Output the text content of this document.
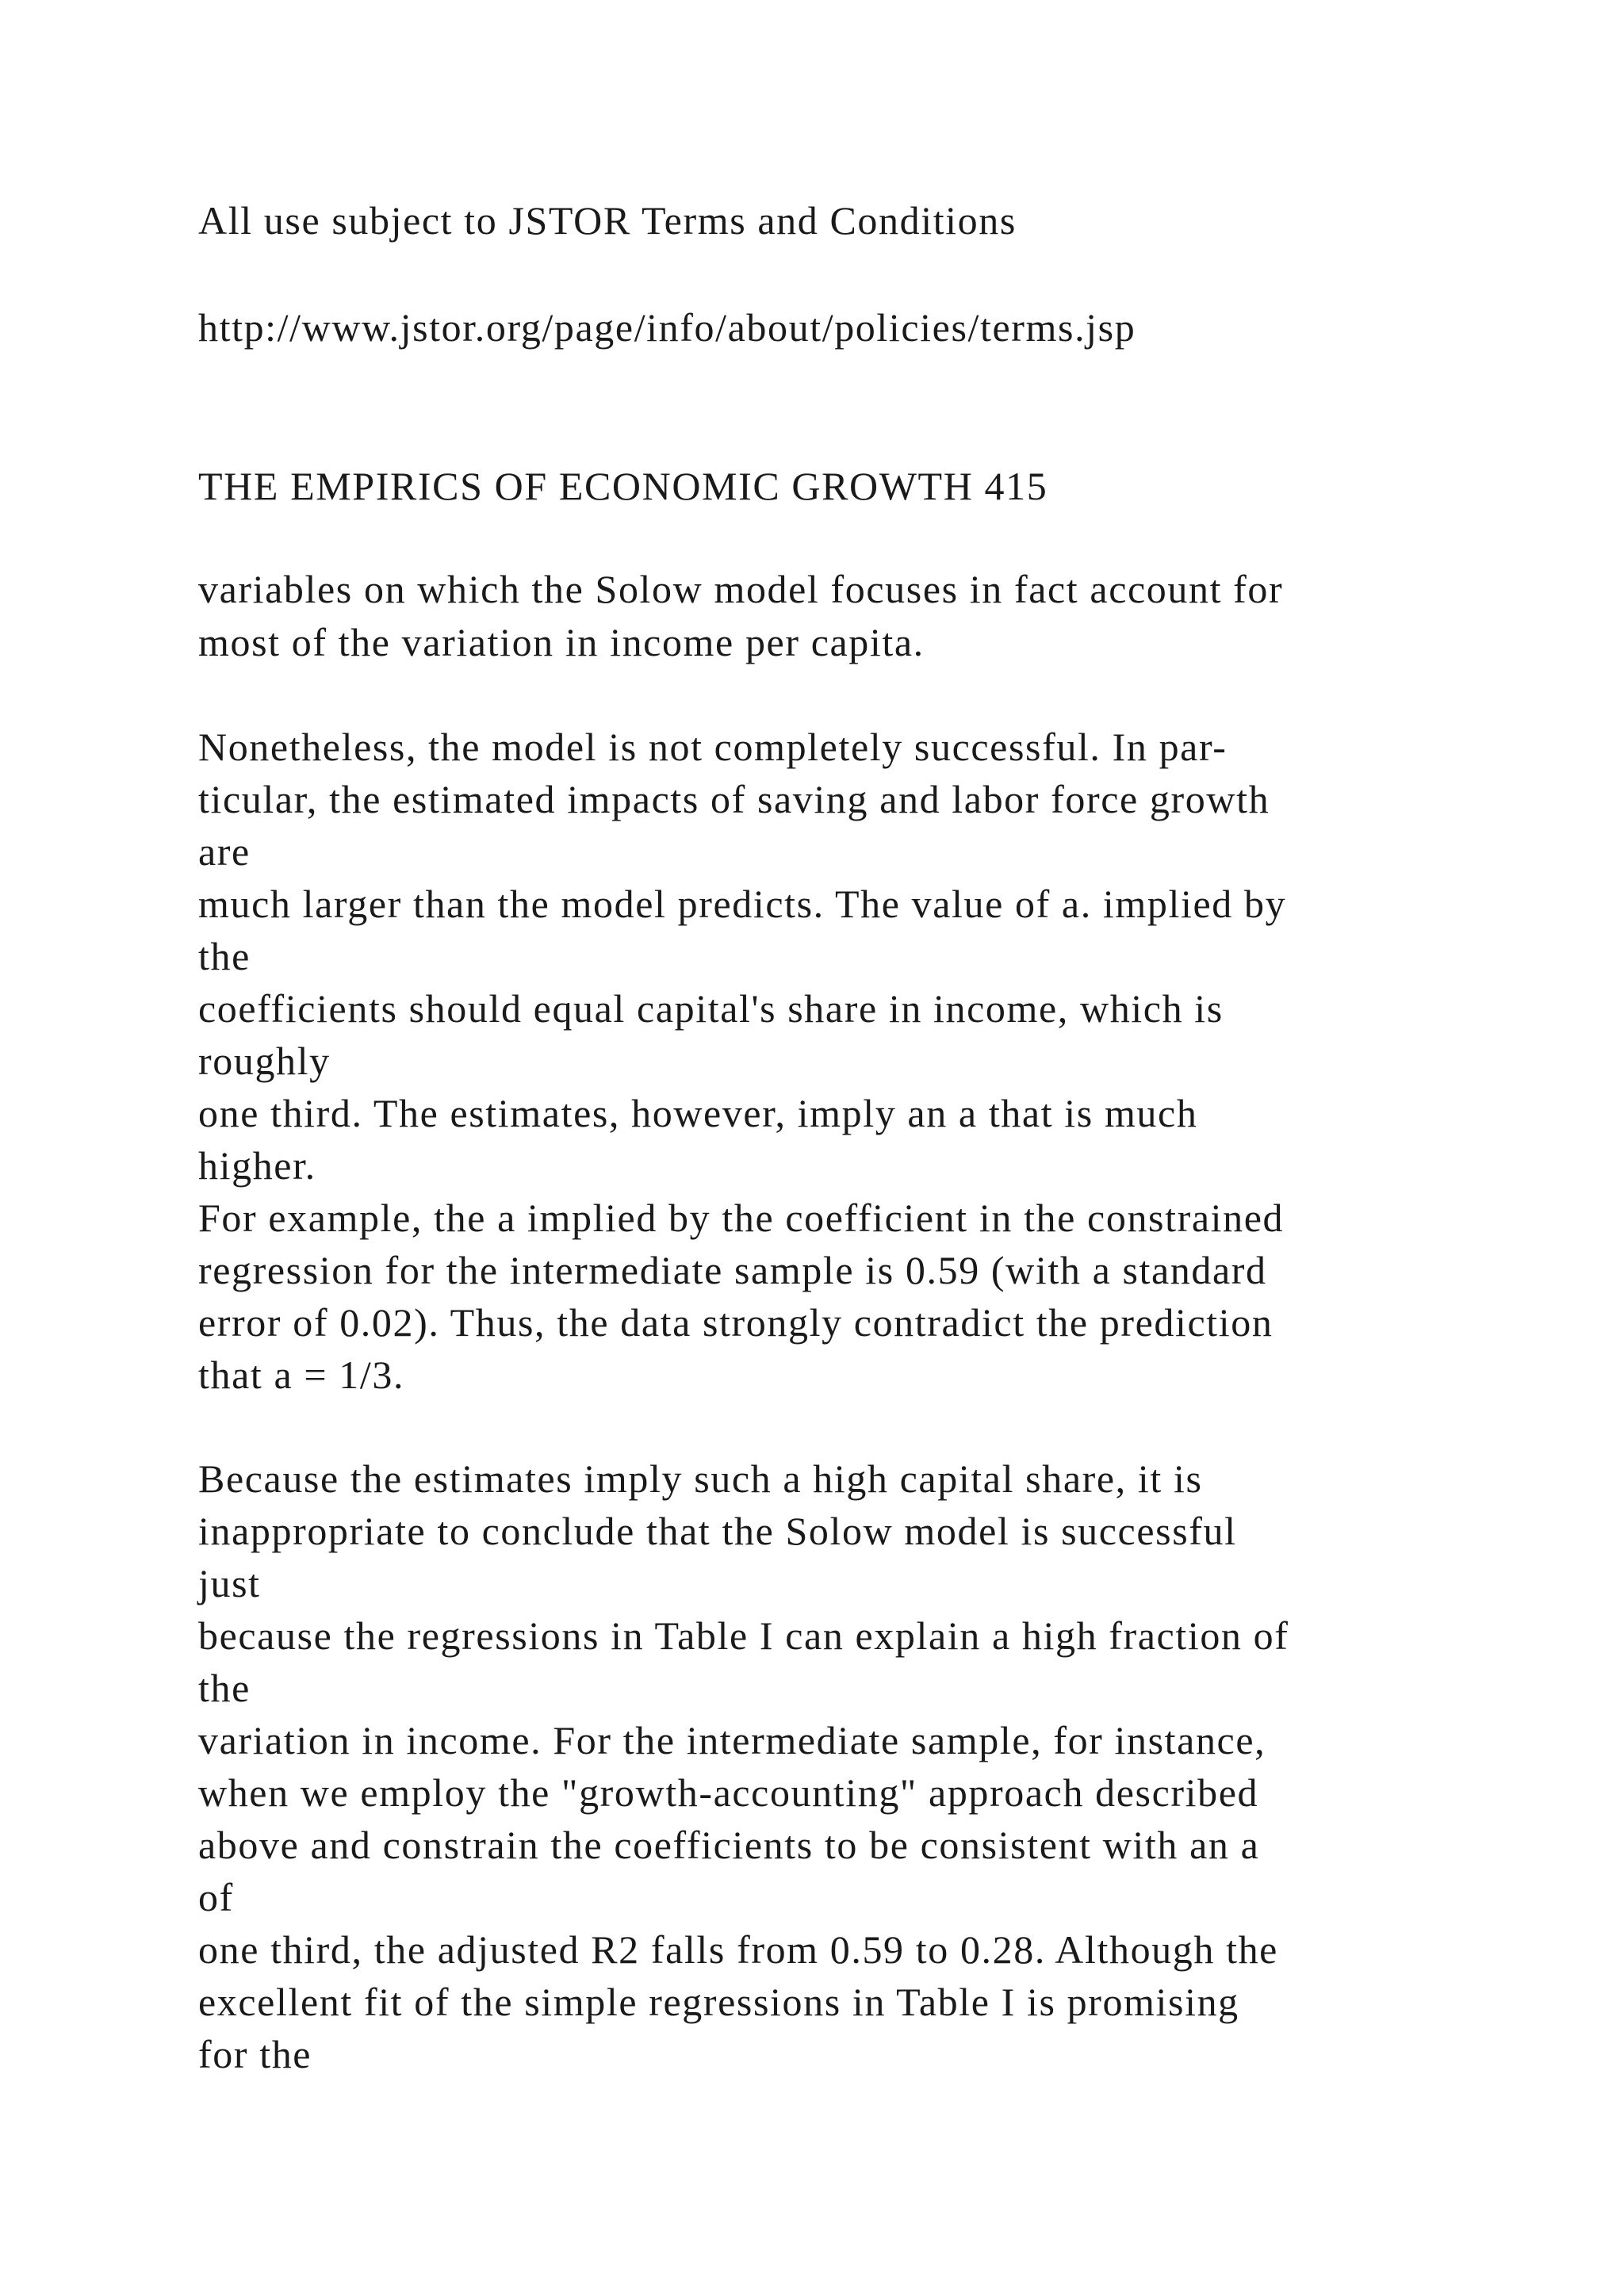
All use subject to JSTOR Terms and Conditions

http://www.jstor.org/page/info/about/policies/terms.jsp

THE EMPIRICS OF ECONOMIC GROWTH 415

variables on which the Solow model focuses in fact account for

most of the variation in income per capita.

Nonetheless, the model is not completely successful. In par-

ticular, the estimated impacts of saving and labor force growth

are

much larger than the model predicts. The value of a. implied by

the

coefficients should equal capital's share in income, which is

roughly

one third. The estimates, however, imply an a that is much

higher.

For example, the a implied by the coefficient in the constrained

regression for the intermediate sample is 0.59 (with a standard

error of 0.02). Thus, the data strongly contradict the prediction

that a = 1/3.

Because the estimates imply such a high capital share, it is

inappropriate to conclude that the Solow model is successful

just

because the regressions in Table I can explain a high fraction of

the

variation in income. For the intermediate sample, for instance,

when we employ the "growth-accounting" approach described

above and constrain the coefficients to be consistent with an a

of

one third, the adjusted R2 falls from 0.59 to 0.28. Although the

excellent fit of the simple regressions in Table I is promising

for the
